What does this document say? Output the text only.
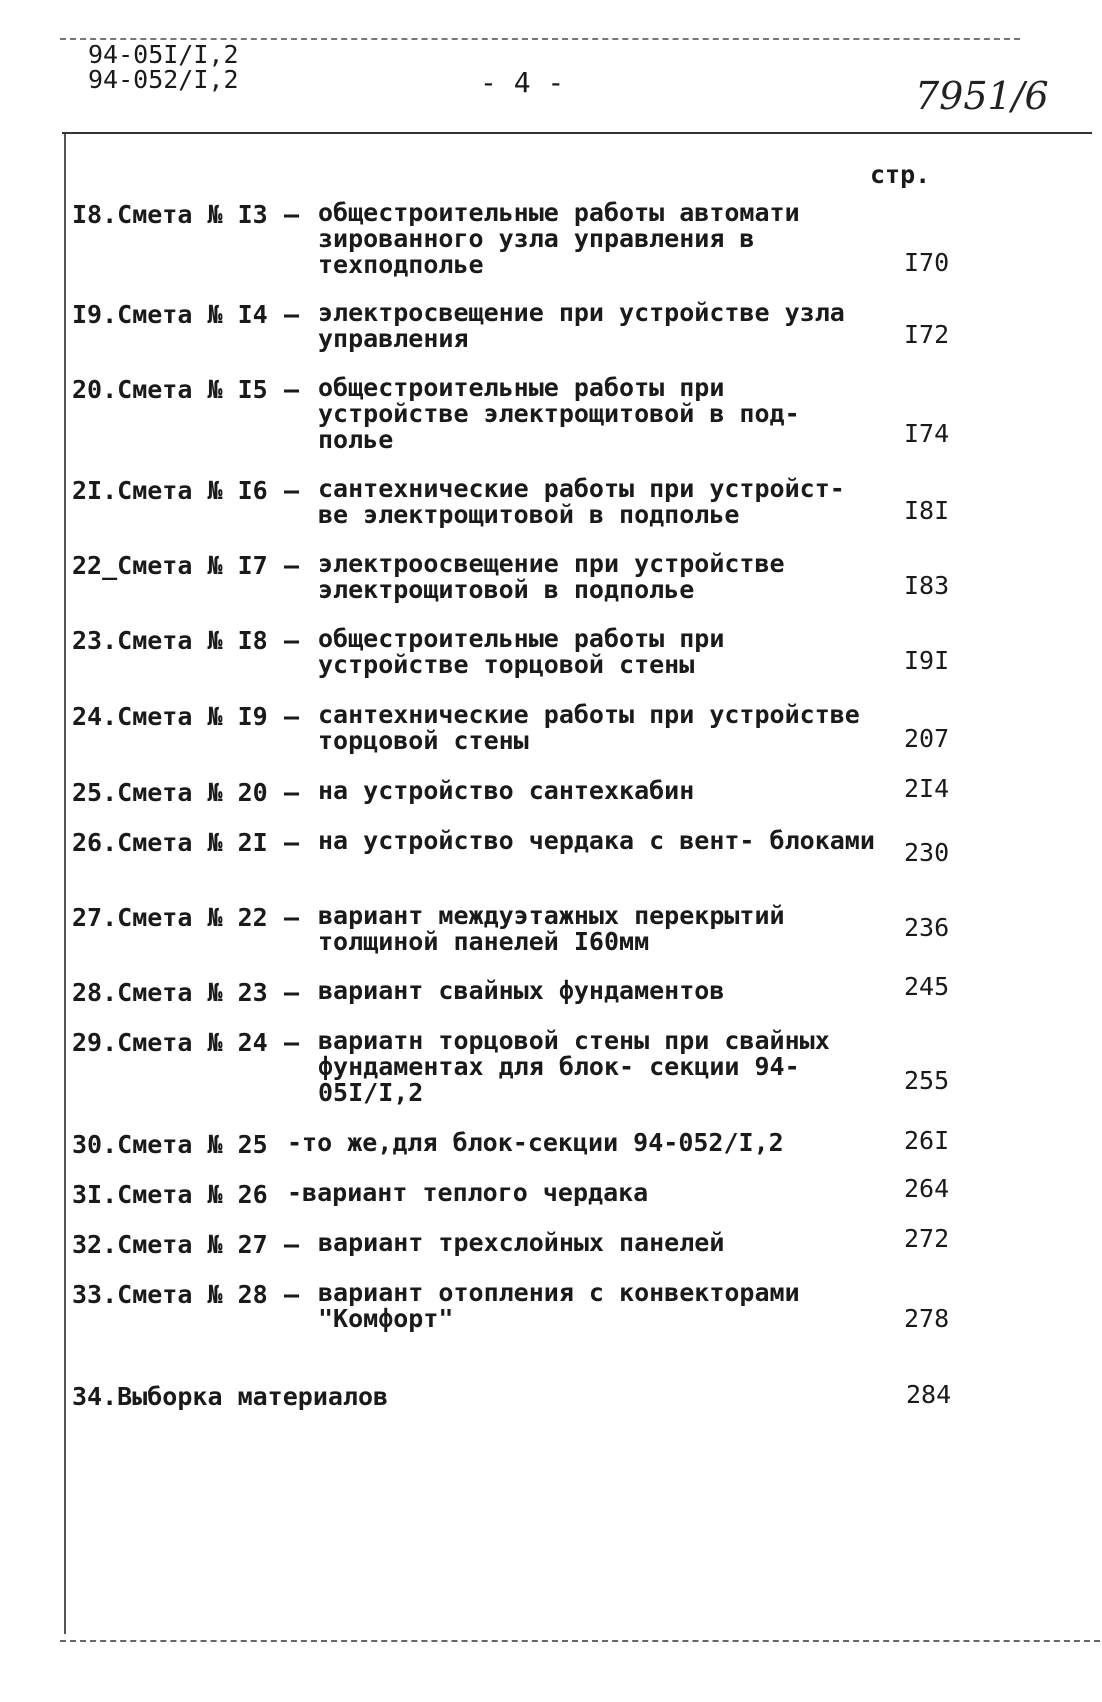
94-05I/I,2
94-052/I,2	- 4 -	7951/6
стр.
I8.Смета № I3 – общестроительные работы автомати зированного узла управления в техподполье	I70
I9.Смета № I4 – электросвещение при устройстве узла управления	I72
20.Смета № I5 – общестроительные работы при устройстве электрощитовой в под- полье	I74
2I.Смета № I6 – сантехнические работы при устройст- ве электрощитовой в подполье	I8I
22_Смета № I7 – электроосвещение при устройстве электрощитовой в подполье	I83
23.Смета № I8 – общестроительные работы при устройстве торцовой стены	I9I
24.Смета № I9 – сантехнические работы при устройстве торцовой стены	207
25.Смета № 20 – на устройство сантехкабин	2I4
26.Смета № 2I – на устройство чердака с вент- блоками 230
27.Смета № 22 – вариант междуэтажных перекрытий толщиной панелей I60мм	236
28.Смета № 23 – вариант свайных фундаментов	245
29.Смета № 24 – вариатн торцовой стены при свайных фундаментах для блок- секции 94-05I/I,2	255
30.Смета № 25 -то же,для блок-секции 94-052/I,2	26I
3I.Смета № 26 -вариант теплого чердака	264
32.Смета № 27 – вариант трехслойных панелей	272
33.Смета № 28 – вариант отопления с конвекторами "Комфорт"	278
34.Выборка материалов	284
